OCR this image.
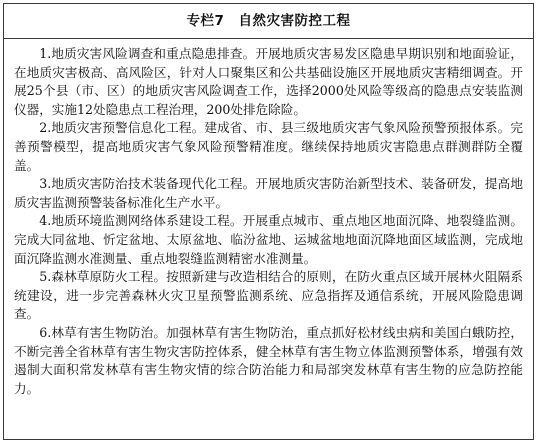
专栏7 自然灾害防控工程

1.地质灾害风险调查和重点隐患排查。开展地质灾害易发区隐患早期识别和地面验证，在地质灾害极高、高风险区，针对人口聚集区和公共基础设施区开展地质灾害精细调查。开展25个县（市、区）的地质灾害风险调查工作，选择2000处风险等级高的隐患点安装监测仪器，实施12处隐患点工程治理，200处排危除险。

2.地质灾害预警信息化工程。建成省、市、县三级地质灾害气象风险预警预报体系。完善预警模型，提高地质灾害气象风险预警精准度。继续保持地质灾害隐患点群测群防全覆盖。

3.地质灾害防治技术装备现代化工程。开展地质灾害防治新型技术、装备研发，提高地质灾害监测预警装备标准化生产水平。

4.地质环境监测网络体系建设工程。开展重点城市、重点地区地面沉降、地裂缝监测。完成大同盆地、忻定盆地、太原盆地、临汾盆地、运城盆地地面沉降地面区域监测，完成地面沉降监测水准测量、重点地裂缝监测精密水准测量。

5.森林草原防火工程。按照新建与改造相结合的原则，在防火重点区域开展林火阻隔系统建设，进一步完善森林火灾卫星预警监测系统、应急指挥及通信系统，开展风险隐患调查。

6.林草有害生物防治。加强林草有害生物防治，重点抓好松材线虫病和美国白蛾防控，不断完善全省林草有害生物灾害防控体系，健全林草有害生物立体监测预警体系，增强有效遏制大面积常发林草有害生物灾情的综合防治能力和局部突发林草有害生物的应急防控能力。
